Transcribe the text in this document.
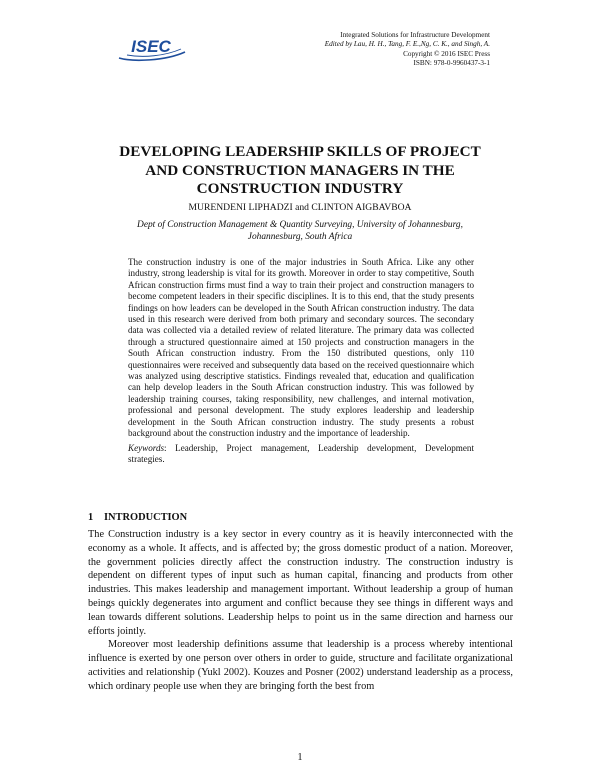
ISEC
Integrated Solutions for Infrastructure Development
Edited by Lau, H. H., Tang, F. E.,Ng, C. K., and Singh, A.
Copyright © 2016 ISEC Press
ISBN: 978-0-9960437-3-1
DEVELOPING LEADERSHIP SKILLS OF PROJECT
AND CONSTRUCTION MANAGERS IN THE
CONSTRUCTION INDUSTRY
MURENDENI LIPHADZI and CLINTON AIGBAVBOA
Dept of Construction Management & Quantity Surveying, University of Johannesburg, Johannesburg, South Africa

The construction industry is one of the major industries in South Africa. Like any other industry, strong leadership is vital for its growth. Moreover in order to stay competitive, South African construction firms must find a way to train their project and construction managers to become competent leaders in their specific disciplines. It is to this end, that the study presents findings on how leaders can be developed in the South African construction industry. The data used in this research were derived from both primary and secondary sources. The secondary data was collected via a detailed review of related literature. The primary data was collected through a structured questionnaire aimed at 150 projects and construction managers in the South African construction industry. From the 150 distributed questions, only 110 questionnaires were received and subsequently data based on the received questionnaire which was analyzed using descriptive statistics. Findings revealed that, education and qualification can help develop leaders in the South African construction industry. This was followed by leadership training courses, taking responsibility, new challenges, and internal motivation, professional and personal development. The study explores leadership and leadership development in the South African construction industry. The study presents a robust background about the construction industry and the importance of leadership.

Keywords: Leadership, Project management, Leadership development, Development strategies.

1 INTRODUCTION

The Construction industry is a key sector in every country as it is heavily interconnected with the economy as a whole. It affects, and is affected by; the gross domestic product of a nation. Moreover, the government policies directly affect the construction industry. The construction industry is dependent on different types of input such as human capital, financing and products from other industries. This makes leadership and management important. Without leadership a group of human beings quickly degenerates into argument and conflict because they see things in different ways and lean towards different solutions. Leadership helps to point us in the same direction and harness our efforts jointly.

Moreover most leadership definitions assume that leadership is a process whereby intentional influence is exerted by one person over others in order to guide, structure and facilitate organizational activities and relationship (Yukl 2002). Kouzes and Posner (2002) understand leadership as a process, which ordinary people use when they are bringing forth the best from

1
